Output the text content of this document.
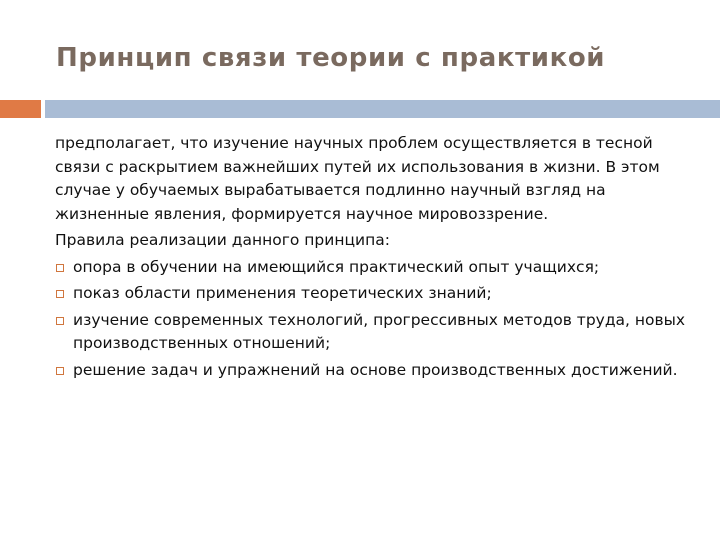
Принцип связи теории с практикой

предполагает, что изучение научных проблем осуществляется в тесной связи с раскрытием важнейших путей их использования в жизни. В этом случае у обучаемых вырабатывается подлинно научный взгляд на жизненные явления, формируется научное мировоззрение.

Правила реализации данного принципа:

опора в обучении на имеющийся практический опыт учащихся;
показ области применения теоретических знаний;
изучение современных технологий, прогрессивных методов труда, новых производственных отношений;
решение задач и упражнений на основе производственных достижений.
